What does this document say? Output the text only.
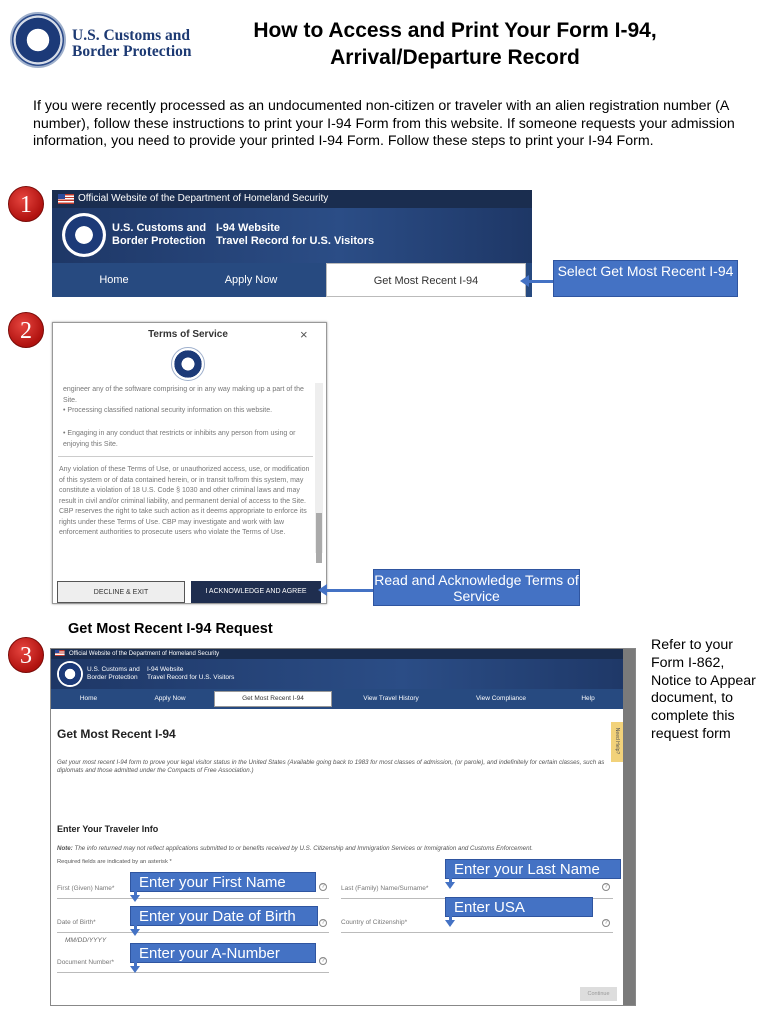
U.S. Customs and
Border Protection
How to Access and Print Your Form I-94,
Arrival/Departure Record
If you were recently processed as an undocumented non-citizen or traveler with an alien registration number (A number), follow these instructions to print your I-94 Form from this website. If someone requests your admission information, you need to provide your printed I-94 Form. Follow these steps to print your I-94 Form.
1	Official Website of the Department of Homeland Security
U.S. Customs and
Border Protection
I-94 Website
Travel Record for U.S. Visitors
Home	Apply Now	Get Most Recent I-94
Select Get Most Recent I-94
2	Terms of Service	×
engineer any of the software comprising or in any way making up a part of the Site.
• Processing classified national security information on this website.
• Engaging in any conduct that restricts or inhibits any person from using or enjoying this Site.
Any violation of these Terms of Use, or unauthorized access, use, or modification of this system or of data contained herein, or in transit to/from this system, may constitute a violation of 18 U.S. Code § 1030 and other criminal laws and may result in civil and/or criminal liability, and permanent denial of access to the Site. CBP reserves the right to take such action as it deems appropriate to enforce its rights under these Terms of Use. CBP may investigate and work with law enforcement authorities to prosecute users who violate the Terms of Use.
DECLINE & EXIT	I ACKNOWLEDGE AND AGREE
Read and Acknowledge Terms of Service
3
Get Most Recent I-94 Request
Official Website of the Department of Homeland Security
U.S. Customs and
Border Protection
I-94 Website
Travel Record for U.S. Visitors
Home	Apply Now	Get Most Recent I-94	View Travel History	View Compliance	Help
Need Help?
Get Most Recent I-94
Get your most recent I-94 form to prove your legal visitor status in the United States (Available going back to 1983 for most classes of admission, (or parole), and indefinitely for certain classes, such as diplomats and those admitted under the Compacts of Free Association.)
Enter Your Traveler Info
Note: The info returned may not reflect applications submitted to or benefits received by U.S. Citizenship and Immigration Services or Immigration and Customs Enforcement.
Required fields are indicated by an asterisk *
First (Given) Name*	?	Last (Family) Name/Surname*	?
Date of Birth*	?
MM/DD/YYYY
Country of Citizenship*	?
Document Number*	?
Continue
Enter your First Name
Enter your Last Name
Enter your Date of Birth
Enter USA
Enter your A-Number
Refer to your Form I-862, Notice to Appear document, to complete this request form
